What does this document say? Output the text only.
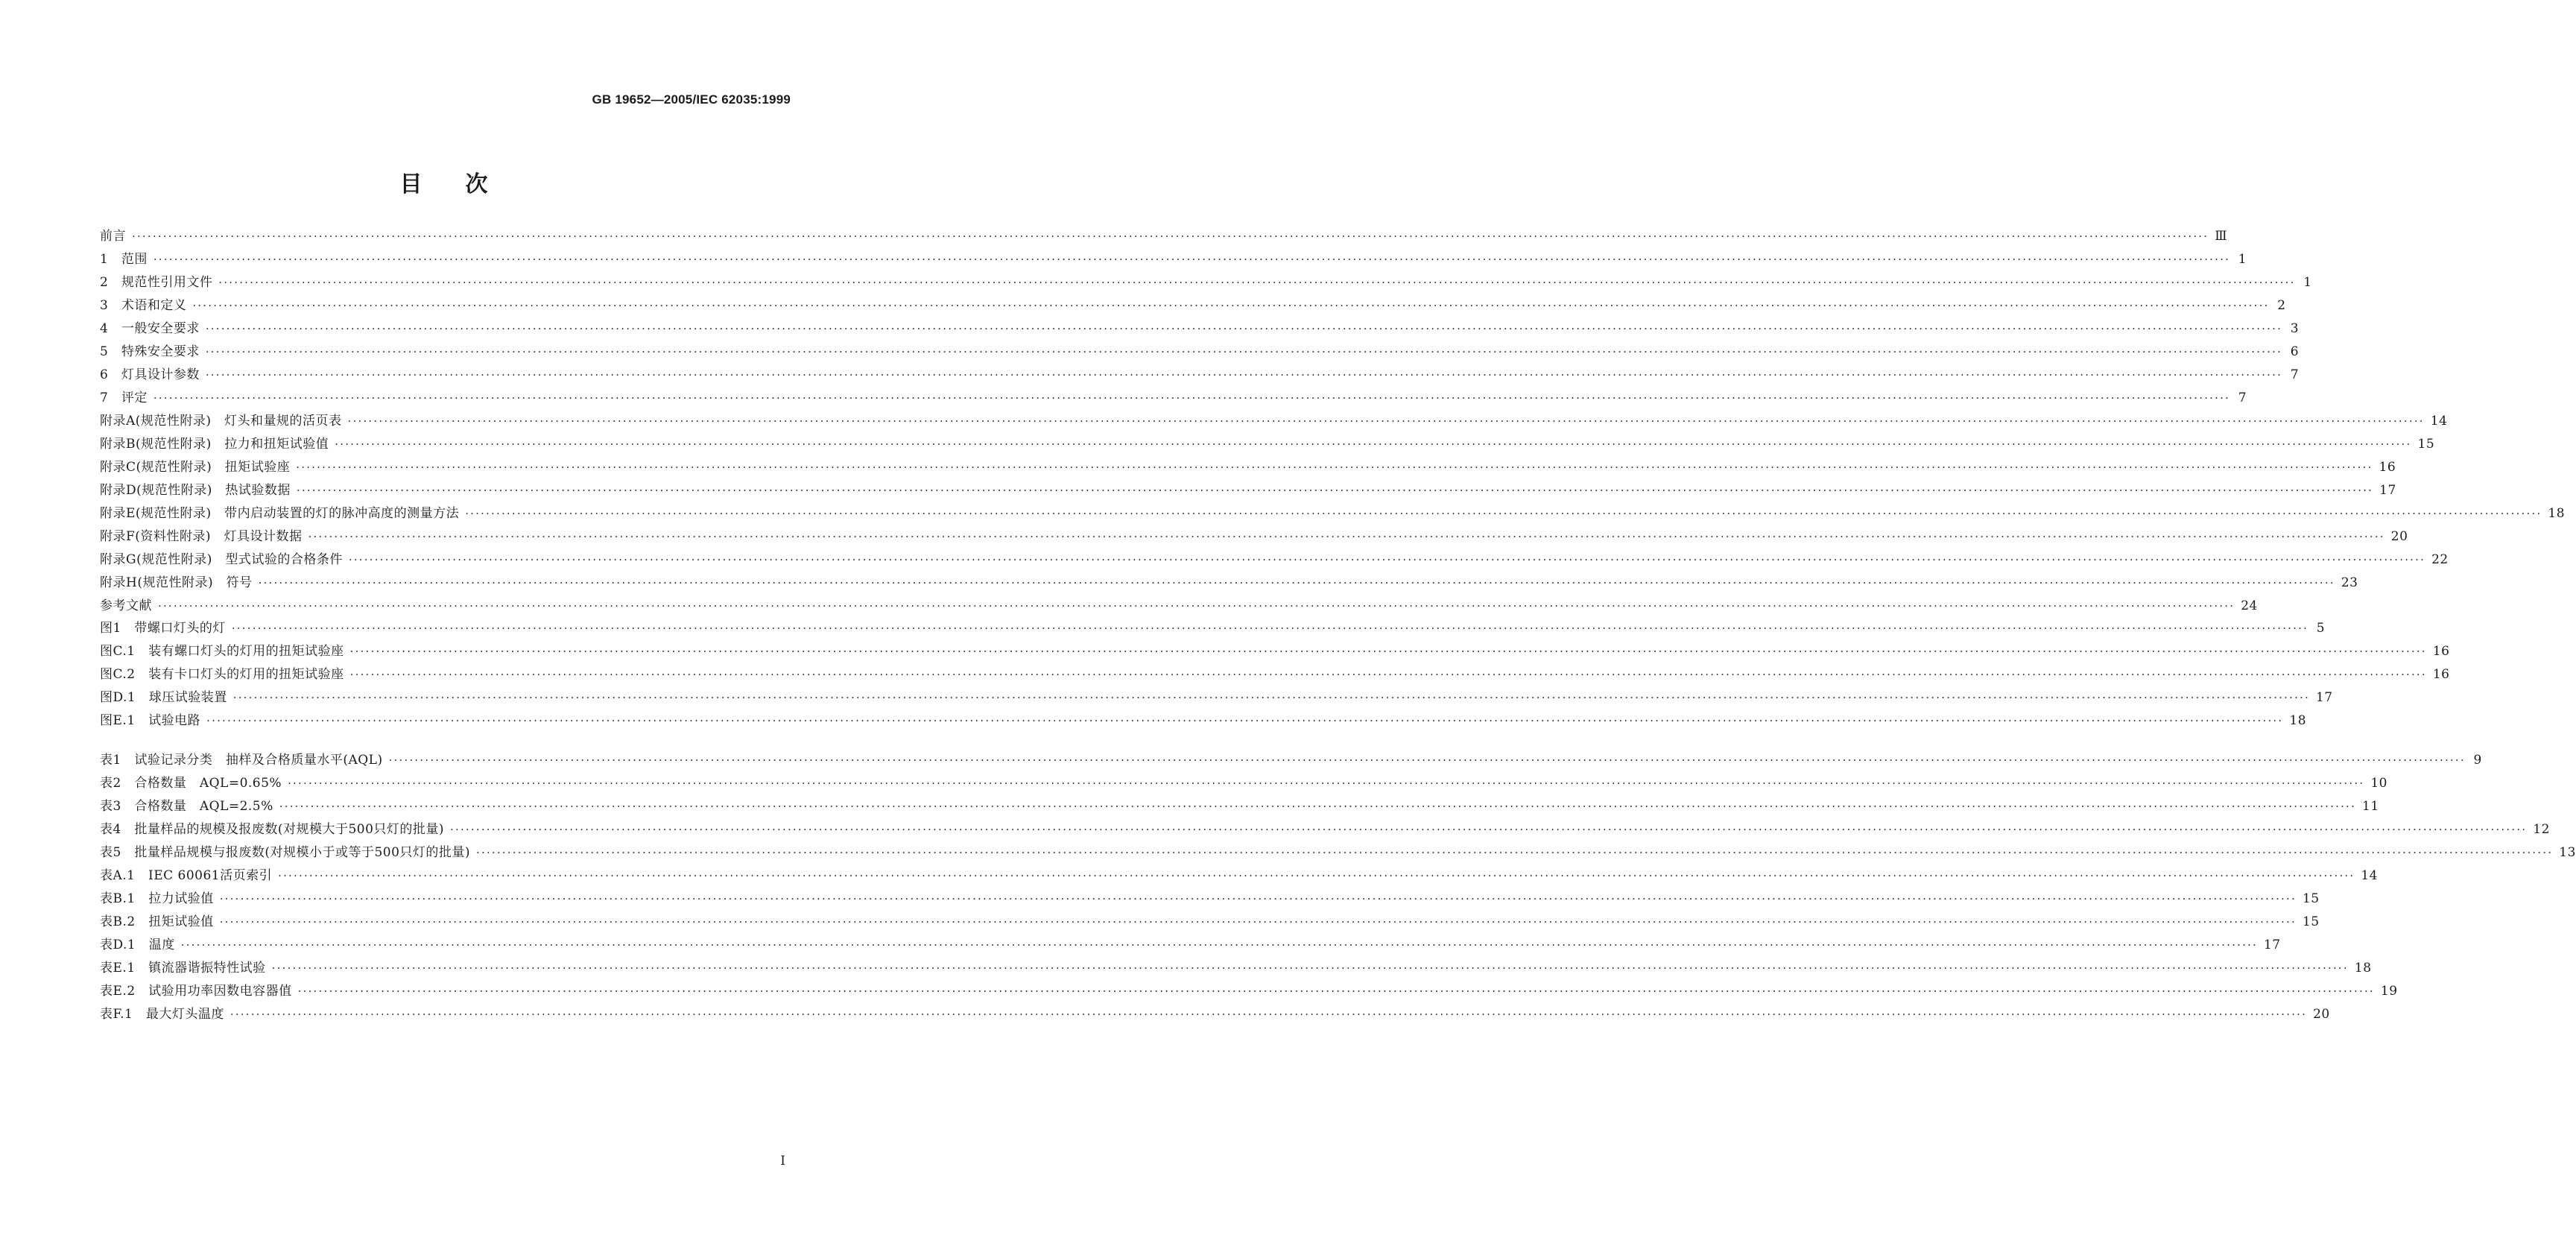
GB 19652—2005/IEC 62035:1999
目次
前言 ················································································································································································································································································································································································································ Ⅲ
1　范围 ················································································································································································································································································································································································································ 1
2　规范性引用文件 ················································································································································································································································································································································································································ 1
3　术语和定义 ················································································································································································································································································································································································································ 2
4　一般安全要求 ················································································································································································································································································································································································································ 3
5　特殊安全要求 ················································································································································································································································································································································································································ 6
6　灯具设计参数 ················································································································································································································································································································································································································ 7
7　评定 ················································································································································································································································································································································································································ 7
附录A(规范性附录)　灯头和量规的活页表 ················································································································································································································································································································································································································ 14
附录B(规范性附录)　拉力和扭矩试验值 ················································································································································································································································································································································································································ 15
附录C(规范性附录)　扭矩试验座 ················································································································································································································································································································································································································ 16
附录D(规范性附录)　热试验数据 ················································································································································································································································································································································································································ 17
附录E(规范性附录)　带内启动装置的灯的脉冲高度的测量方法 ················································································································································································································································································································································································································ 18
附录F(资料性附录)　灯具设计数据 ················································································································································································································································································································································································································ 20
附录G(规范性附录)　型式试验的合格条件 ················································································································································································································································································································································································································ 22
附录H(规范性附录)　符号 ················································································································································································································································································································································································································ 23
参考文献 ················································································································································································································································································································································································································ 24
图1　带螺口灯头的灯 ················································································································································································································································································································································································································ 5
图C.1　装有螺口灯头的灯用的扭矩试验座 ················································································································································································································································································································································································································ 16
图C.2　装有卡口灯头的灯用的扭矩试验座 ················································································································································································································································································································································································································ 16
图D.1　球压试验装置 ················································································································································································································································································································································································································ 17
图E.1　试验电路 ················································································································································································································································································································································································································ 18
表1　试验记录分类　抽样及合格质量水平(AQL) ················································································································································································································································································································································································································ 9
表2　合格数量　AQL=0.65% ················································································································································································································································································································································································································ 10
表3　合格数量　AQL=2.5% ················································································································································································································································································································································································································ 11
表4　批量样品的规模及报废数(对规模大于500只灯的批量) ················································································································································································································································································································································································································ 12
表5　批量样品规模与报废数(对规模小于或等于500只灯的批量) ················································································································································································································································································································································································································ 13
表A.1　IEC 60061活页索引 ················································································································································································································································································································································································································ 14
表B.1　拉力试验值 ················································································································································································································································································································································································································ 15
表B.2　扭矩试验值 ················································································································································································································································································································································································································ 15
表D.1　温度 ················································································································································································································································································································································································································ 17
表E.1　镇流器谐振特性试验 ················································································································································································································································································································································································································ 18
表E.2　试验用功率因数电容器值 ················································································································································································································································································································································································································ 19
表F.1　最大灯头温度 ················································································································································································································································································································································································································ 20
I
